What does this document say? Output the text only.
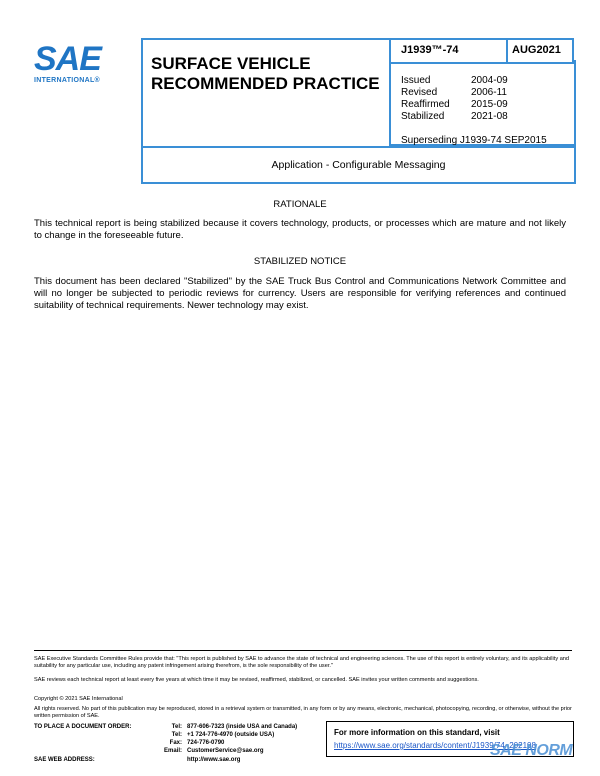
SAE
INTERNATIONAL®
SURFACE VEHICLE
RECOMMENDED PRACTICE
J1939™-74	AUG2021
Issued	2004-09
Revised	2006-11
Reaffirmed 2015-09
Stabilized	2021-08
Superseding J1939-74 SEP2015
Application - Configurable Messaging
RATIONALE
This technical report is being stabilized because it covers technology, products, or processes which are mature and not likely to change in the foreseeable future.
STABILIZED NOTICE
This document has been declared "Stabilized" by the SAE Truck Bus Control and Communications Network Committee and will no longer be subjected to periodic reviews for currency. Users are responsible for verifying references and continued suitability of technical requirements. Newer technology may exist.
SAE Executive Standards Committee Rules provide that: "This report is published by SAE to advance the state of technical and engineering sciences. The use of this report is entirely voluntary, and its applicability and suitability for any particular use, including any patent infringement arising therefrom, is the sole responsibility of the user."
SAE reviews each technical report at least every five years at which time it may be revised, reaffirmed, stabilized, or cancelled. SAE invites your written comments and suggestions.
Copyright © 2021 SAE International
All rights reserved. No part of this publication may be reproduced, stored in a retrieval system or transmitted, in any form or by any means, electronic, mechanical, photocopying, recording, or otherwise, without the prior written permission of SAE.
TO PLACE A DOCUMENT ORDER:	Tel: 877-606-7323 (inside USA and Canada)
Tel: +1 724-776-4970 (outside USA)
Fax: 724-776-0790
Email: CustomerService@sae.org
SAE WEB ADDRESS:	http://www.sae.org
For more information on this standard, visit
https://www.sae.org/standards/content/J1939/74_202108
SAE NORM
